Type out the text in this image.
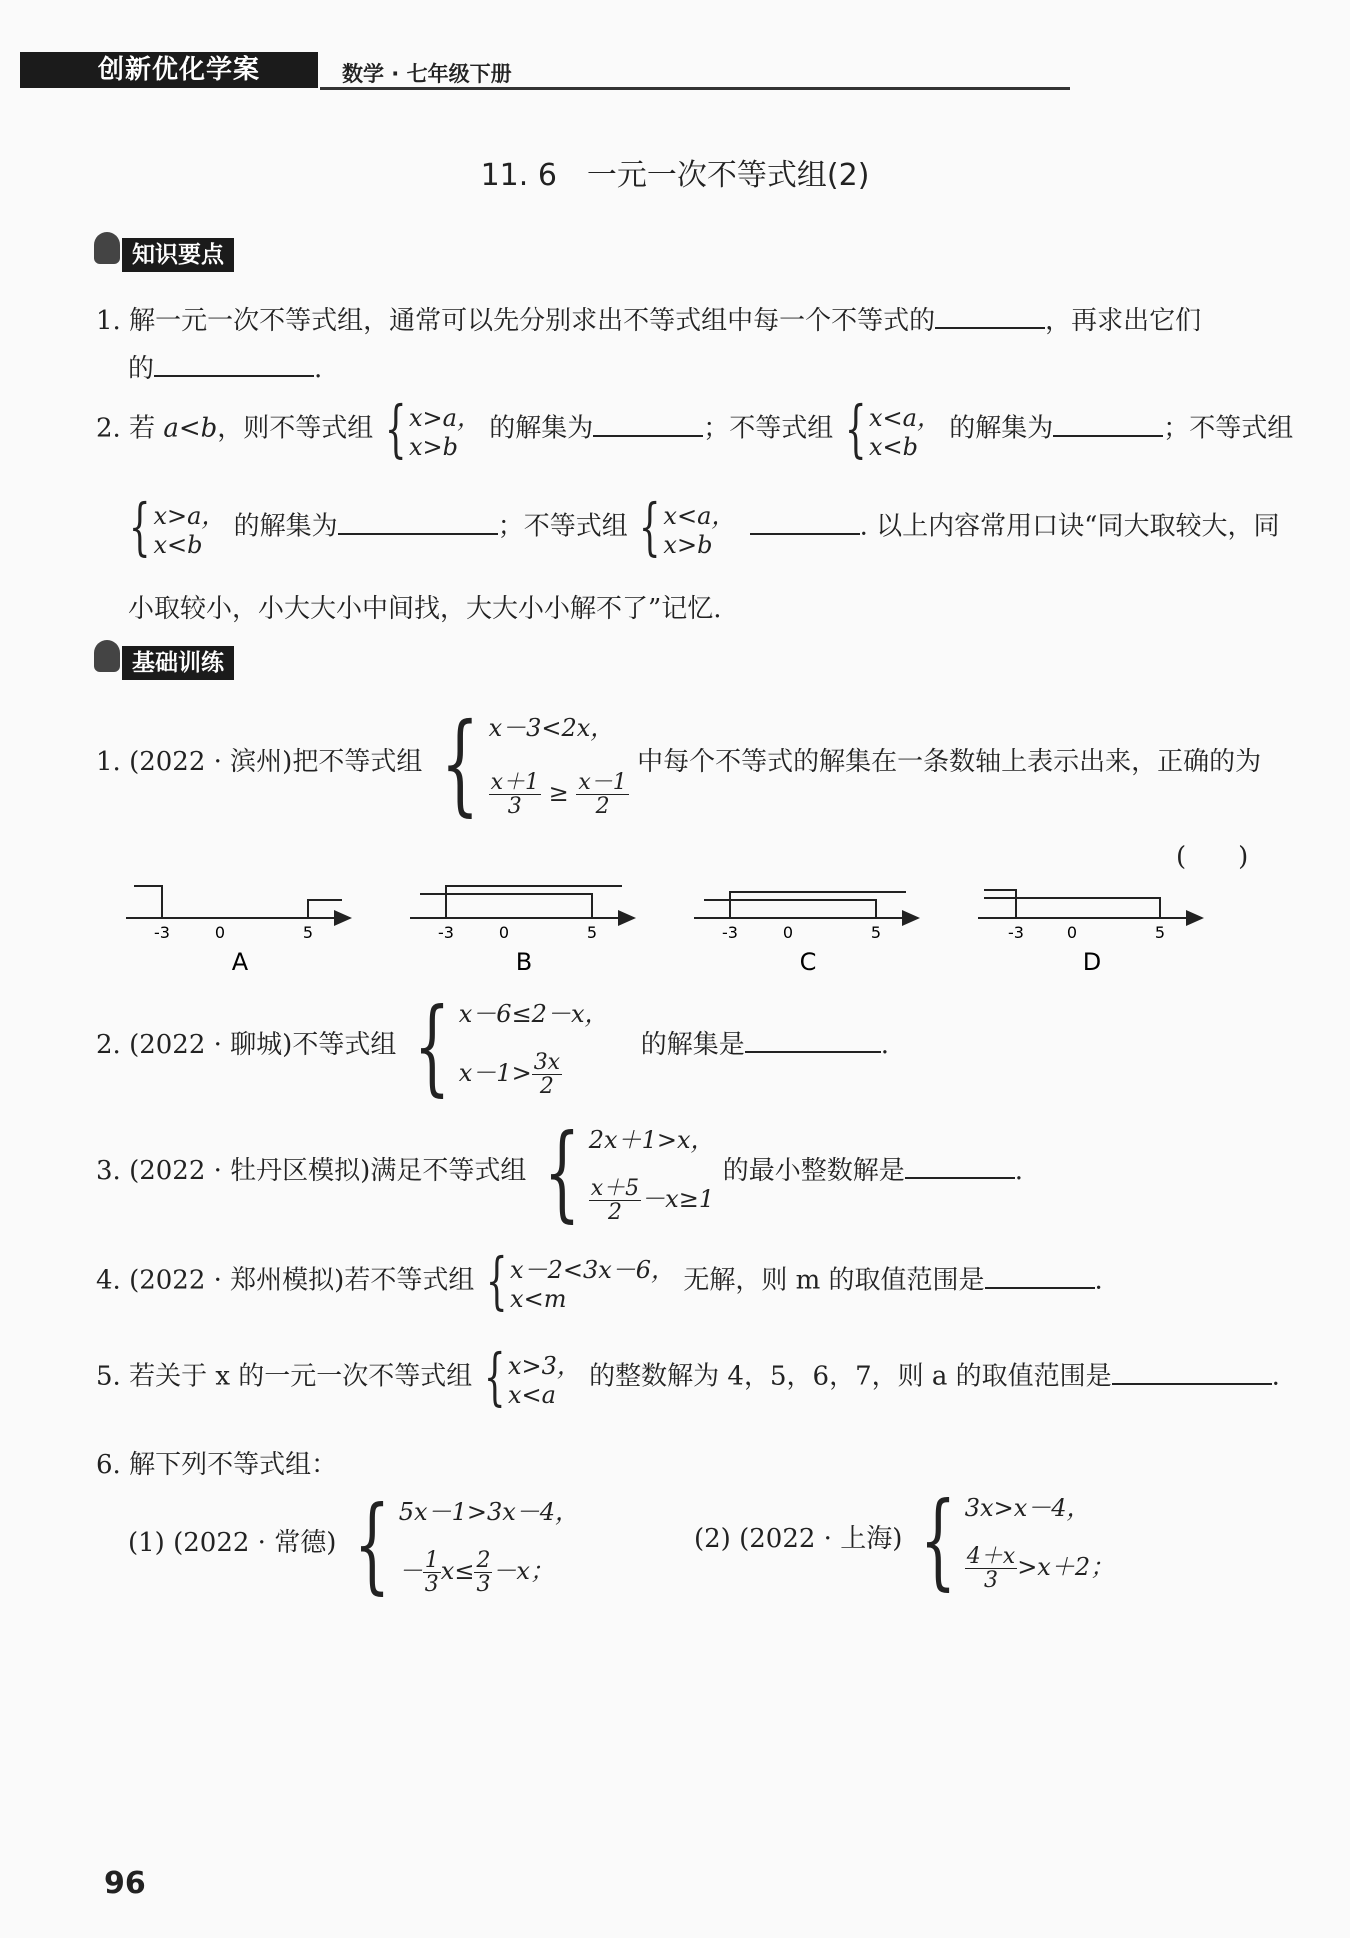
创新优化学案	数学 · 七年级下册
11. 6　一元一次不等式组(2)
知识要点
1. 解一元一次不等式组，通常可以先分别求出不等式组中每一个不等式的	，再求出它们
的	.
2. 若 a<b，则不等式组 { x>a，
x>b
的解集为	；不等式组 { x<a，
x<b
的解集为	；不等式组
{ x>a，
x<b
的解集为	；不等式组 { x<a，
x>b
. 以上内容常用口诀“同大取较大，同
小取较小，小大大小中间找，大大小小解不了”记忆.
基础训练
1. (2022 · 滨州)把不等式组 { x－3<2x，
$\frac{x+1}{3} \ge \frac{x-1}{2}$
中每个不等式的解集在一条数轴上表示出来，正确的为
(　　)
-3	0	5
A
-3	0	5
B
-3	0	5
C
-3	0	5
D
2. (2022 · 聊城)不等式组 { x－6≤2－x，
$x-1> \frac{3x}{2}$
的解集是	.
3. (2022 · 牡丹区模拟)满足不等式组 { 2x＋1>x，
$\frac{x+5}{2} -x\ge 1$
的最小整数解是	.
4. (2022 · 郑州模拟)若不等式组 { x－2<3x－6，
x<m
无解，则 m 的取值范围是	.
5. 若关于 x 的一元一次不等式组 { x>3，
x<a
的整数解为 4，5，6，7，则 a 的取值范围是	.
6. 解下列不等式组：
(1) (2022 · 常德) { 5x－1>3x－4，
－ $\frac{1}{3} x\le \frac{2}{3} -x$；
(2) (2022 · 上海) { 3x>x－4，
$\frac{4+x}{3} >x+2$；
96
